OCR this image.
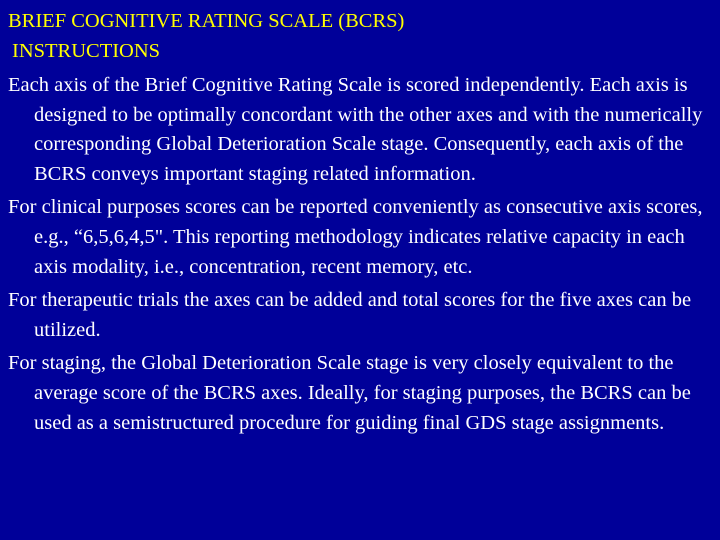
BRIEF COGNITIVE RATING SCALE (BCRS)
INSTRUCTIONS

Each axis of the Brief Cognitive Rating Scale is scored independently. Each axis is designed to be optimally concordant with the other axes and with the numerically corresponding Global Deterioration Scale stage. Consequently, each axis of the BCRS conveys important staging related information.

For clinical purposes scores can be reported conveniently as consecutive axis scores, e.g., “6,5,6,4,5". This reporting methodology indicates relative capacity in each axis modality, i.e., concentration, recent memory, etc.

For therapeutic trials the axes can be added and total scores for the five axes can be utilized.

For staging, the Global Deterioration Scale stage is very closely equivalent to the average score of the BCRS axes. Ideally, for staging purposes, the BCRS can be used as a semistructured procedure for guiding final GDS stage assignments.
